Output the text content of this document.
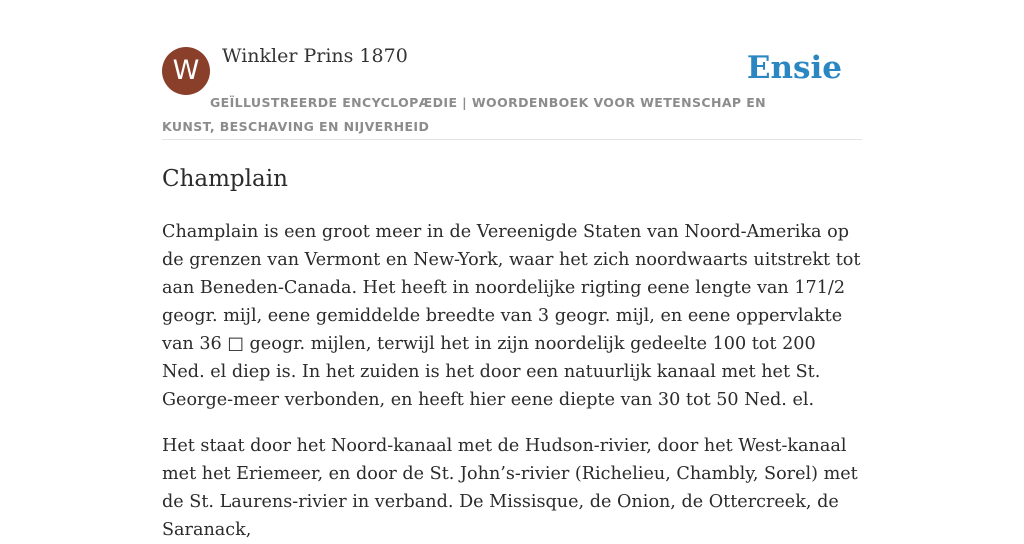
W	Winkler Prins 1870	Ensie
GEÏLLUSTREERDE ENCYCLOPÆDIE | WOORDENBOEK VOOR WETENSCHAP EN KUNST, BESCHAVING EN NIJVERHEID
Champlain

Champlain is een groot meer in de Vereenigde Staten van Noord-Amerika op de grenzen van Vermont en New-York, waar het zich noordwaarts uitstrekt tot aan Beneden-Canada. Het heeft in noordelijke rigting eene lengte van 171/2 geogr. mijl, eene gemiddelde breedte van 3 geogr. mijl, en eene oppervlakte van 36 □ geogr. mijlen, terwijl het in zijn noordelijk gedeelte 100 tot 200 Ned. el diep is. In het zuiden is het door een natuurlijk kanaal met het St. George-meer verbonden, en heeft hier eene diepte van 30 tot 50 Ned. el.

Het staat door het Noord-kanaal met de Hudson-rivier, door het West-kanaal met het Eriemeer, en door de St. John’s-rivier (Richelieu, Chambly, Sorel) met de St. Laurens-rivier in verband. De Missisque, de Onion, de Ottercreek, de Saranack,
